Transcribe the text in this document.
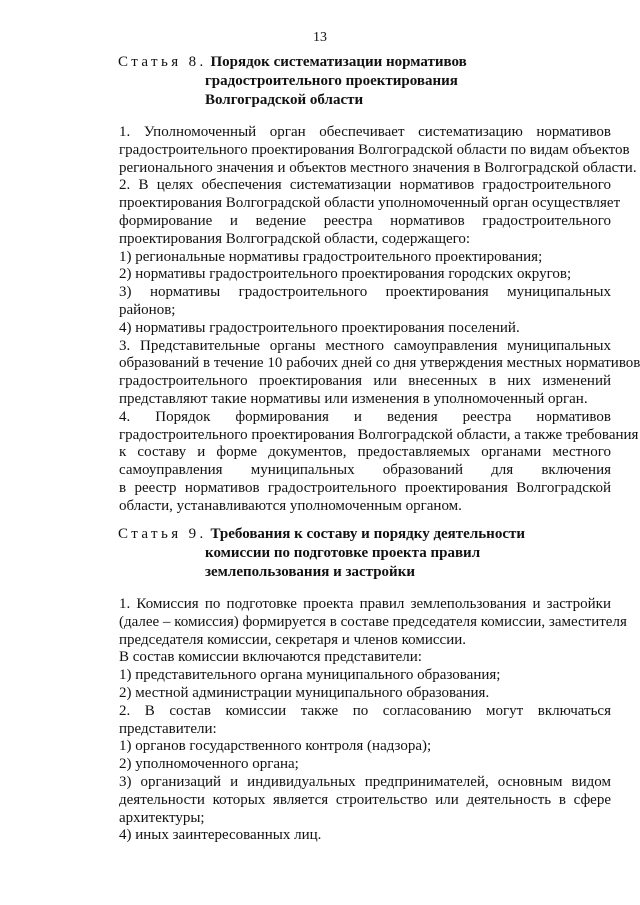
13
Статья 8. Порядок систематизации нормативов
градостроительного проектирования
Волгоградской области

1. Уполномоченный орган обеспечивает систематизацию нормативов
градостроительного проектирования Волгоградской области по видам объектов
регионального значения и объектов местного значения в Волгоградской области.

2. В целях обеспечения систематизации нормативов градостроительного
проектирования Волгоградской области уполномоченный орган осуществляет
формирование и ведение реестра нормативов градостроительного
проектирования Волгоградской области, содержащего:

1) региональные нормативы градостроительного проектирования;

2) нормативы градостроительного проектирования городских округов;

3) нормативы градостроительного проектирования муниципальных
районов;

4) нормативы градостроительного проектирования поселений.

3. Представительные органы местного самоуправления муниципальных
образований в течение 10 рабочих дней со дня утверждения местных нормативов
градостроительного проектирования или внесенных в них изменений
представляют такие нормативы или изменения в уполномоченный орган.

4. Порядок формирования и ведения реестра нормативов
градостроительного проектирования Волгоградской области, а также требования
к составу и форме документов, предоставляемых органами местного
самоуправления муниципальных образований для включения
в реестр нормативов градостроительного проектирования Волгоградской
области, устанавливаются уполномоченным органом.

Статья 9. Требования к составу и порядку деятельности
комиссии по подготовке проекта правил
землепользования и застройки

1. Комиссия по подготовке проекта правил землепользования и застройки
(далее – комиссия) формируется в составе председателя комиссии, заместителя
председателя комиссии, секретаря и членов комиссии.

В состав комиссии включаются представители:

1) представительного органа муниципального образования;

2) местной администрации муниципального образования.

2. В состав комиссии также по согласованию могут включаться
представители:

1) органов государственного контроля (надзора);

2) уполномоченного органа;

3) организаций и индивидуальных предпринимателей, основным видом
деятельности которых является строительство или деятельность в сфере
архитектуры;

4) иных заинтересованных лиц.
